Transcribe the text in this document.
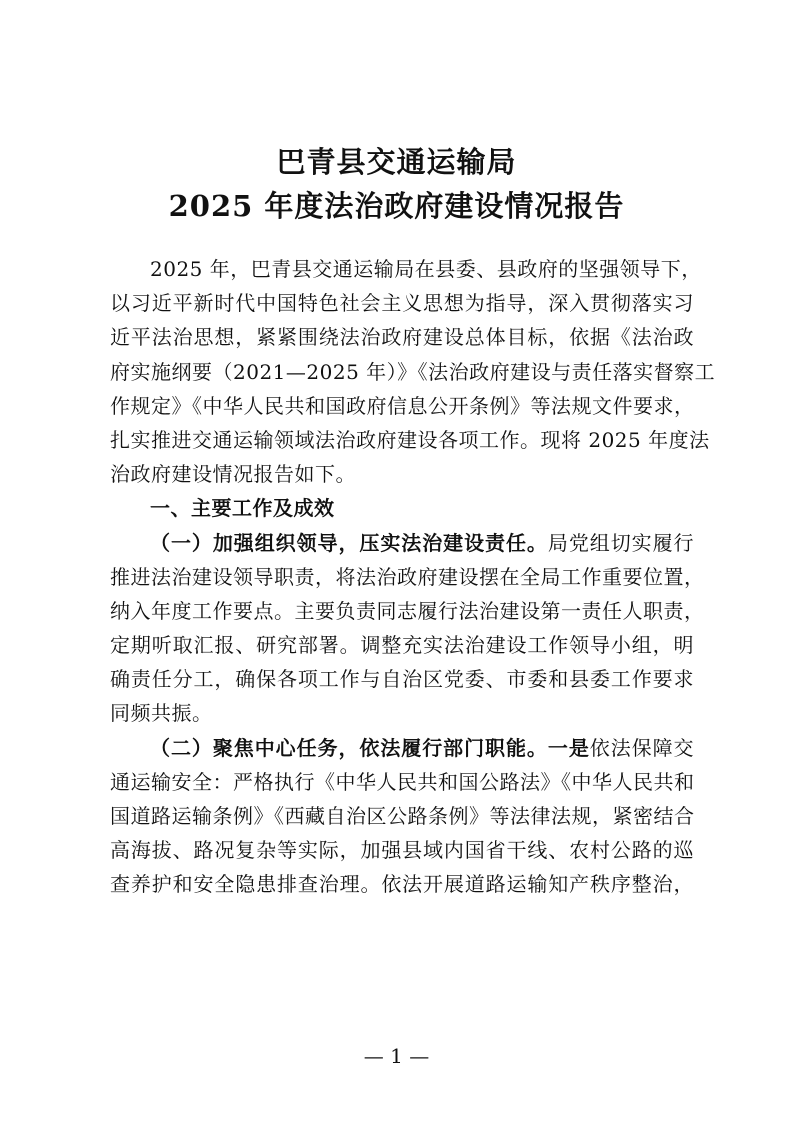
巴青县交通运输局
2025 年度法治政府建设情况报告
2025 年，巴青县交通运输局在县委、县政府的坚强领导下，
以习近平新时代中国特色社会主义思想为指导，深入贯彻落实习
近平法治思想，紧紧围绕法治政府建设总体目标，依据《法治政
府实施纲要（2021—2025 年）》《法治政府建设与责任落实督察工
作规定》《中华人民共和国政府信息公开条例》等法规文件要求，
扎实推进交通运输领域法治政府建设各项工作。现将 2025 年度法
治政府建设情况报告如下。
一、主要工作及成效
（一）加强组织领导，压实法治建设责任。局党组切实履行
推进法治建设领导职责，将法治政府建设摆在全局工作重要位置，
纳入年度工作要点。主要负责同志履行法治建设第一责任人职责，
定期听取汇报、研究部署。调整充实法治建设工作领导小组，明
确责任分工，确保各项工作与自治区党委、市委和县委工作要求
同频共振。
（二）聚焦中心任务，依法履行部门职能。一是依法保障交
通运输安全：严格执行《中华人民共和国公路法》《中华人民共和
国道路运输条例》《西藏自治区公路条例》等法律法规，紧密结合
高海拔、路况复杂等实际，加强县域内国省干线、农村公路的巡
查养护和安全隐患排查治理。依法开展道路运输知产秩序整治，
— 1 —
